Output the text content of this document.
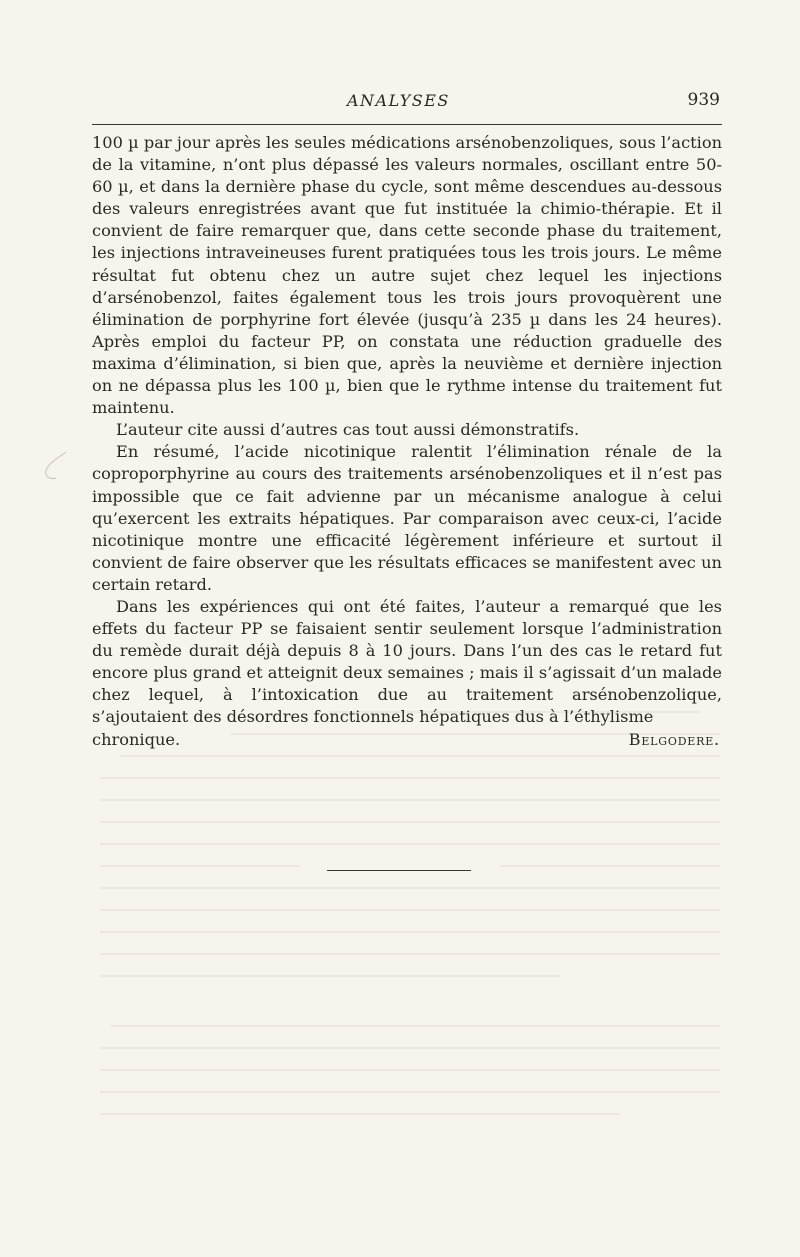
ANALYSES	939

100 µ par jour après les seules médications arsénobenzoliques, sous l’action de la vitamine, n’ont plus dépassé les valeurs normales, oscillant entre 50-60 µ, et dans la dernière phase du cycle, sont même descendues au-dessous des valeurs enregistrées avant que fut instituée la chimio-thérapie. Et il convient de faire remarquer que, dans cette seconde phase du traitement, les injections intraveineuses furent pratiquées tous les trois jours. Le même résultat fut obtenu chez un autre sujet chez lequel les injections d’arsénobenzol, faites également tous les trois jours provoquèrent une élimination de porphyrine fort élevée (jusqu’à 235 µ dans les 24 heures). Après emploi du facteur PP, on constata une réduction graduelle des maxima d’élimination, si bien que, après la neuvième et dernière injection on ne dépassa plus les 100 µ, bien que le rythme intense du traitement fut maintenu.

L’auteur cite aussi d’autres cas tout aussi démonstratifs.

En résumé, l’acide nicotinique ralentit l’élimination rénale de la coproporphyrine au cours des traitements arsénobenzoliques et il n’est pas impossible que ce fait advienne par un mécanisme analogue à celui qu’exercent les extraits hépatiques. Par comparaison avec ceux-ci, l’acide nicotinique montre une efficacité légèrement inférieure et surtout il convient de faire observer que les résultats efficaces se manifestent avec un certain retard.

Dans les expériences qui ont été faites, l’auteur a remarqué que les effets du facteur PP se faisaient sentir seulement lorsque l’administration du remède durait déjà depuis 8 à 10 jours. Dans l’un des cas le retard fut encore plus grand et atteignit deux semaines ; mais il s’agissait d’un malade chez lequel, à l’intoxication due au traitement arsénobenzolique, s’ajoutaient des désordres fonctionnels hépatiques dus à l’éthylisme

chronique.	Belgodere.
